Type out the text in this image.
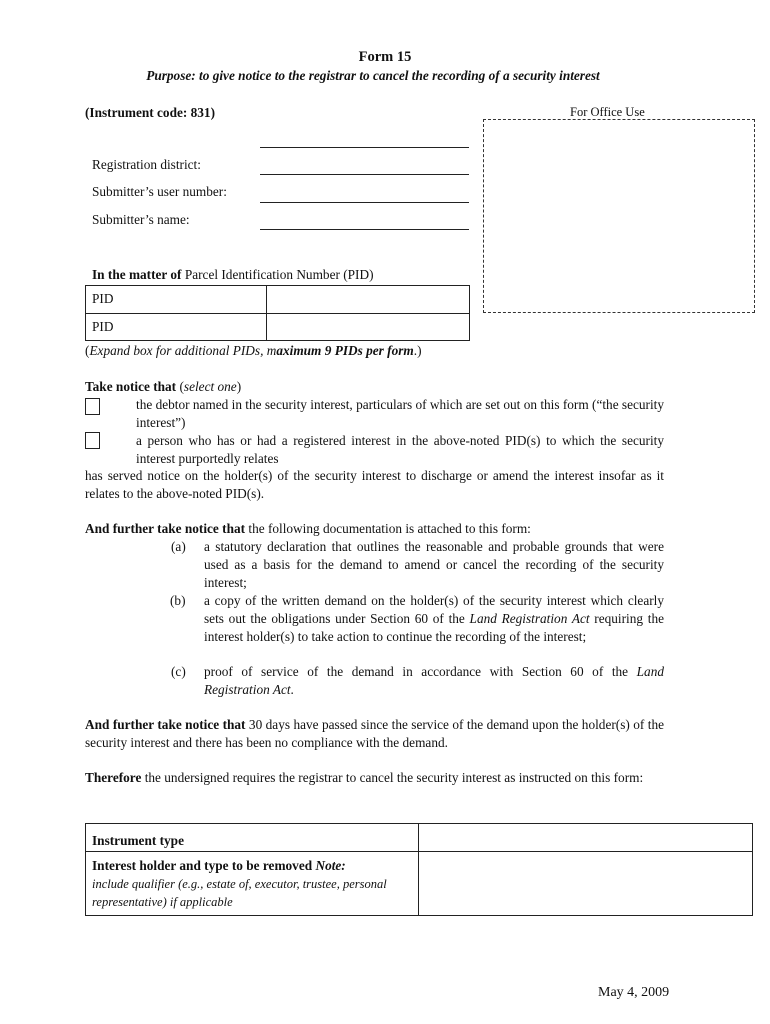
Form 15
Purpose: to give notice to the registrar to cancel the recording of a security interest
(Instrument code: 831)	For Office Use
Registration district:
Submitter’s user number:
Submitter’s name:
In the matter of Parcel Identification Number (PID)
PID	
PID	
(Expand box for additional PIDs, maximum 9 PIDs per form.)
Take notice that (select one)
the debtor named in the security interest, particulars of which are set out on this form (“the security interest”)
a person who has or had a registered interest in the above-noted PID(s) to which the security interest purportedly relates
has served notice on the holder(s) of the security interest to discharge or amend the interest insofar as it relates to the above-noted PID(s).
And further take notice that the following documentation is attached to this form:
(a) a statutory declaration that outlines the reasonable and probable grounds that were used as a basis for the demand to amend or cancel the recording of the security interest;
(b) a copy of the written demand on the holder(s) of the security interest which clearly sets out the obligations under Section 60 of the Land Registration Act requiring the interest holder(s) to take action to continue the recording of the interest;
(c) proof of service of the demand in accordance with Section 60 of the Land Registration Act.
And further take notice that 30 days have passed since the service of the demand upon the holder(s) of the security interest and there has been no compliance with the demand.
Therefore the undersigned requires the registrar to cancel the security interest as instructed on this form:
Instrument type	
Interest holder and type to be removed Note:
include qualifier (e.g., estate of, executor, trustee, personal representative) if applicable	
May 4, 2009
